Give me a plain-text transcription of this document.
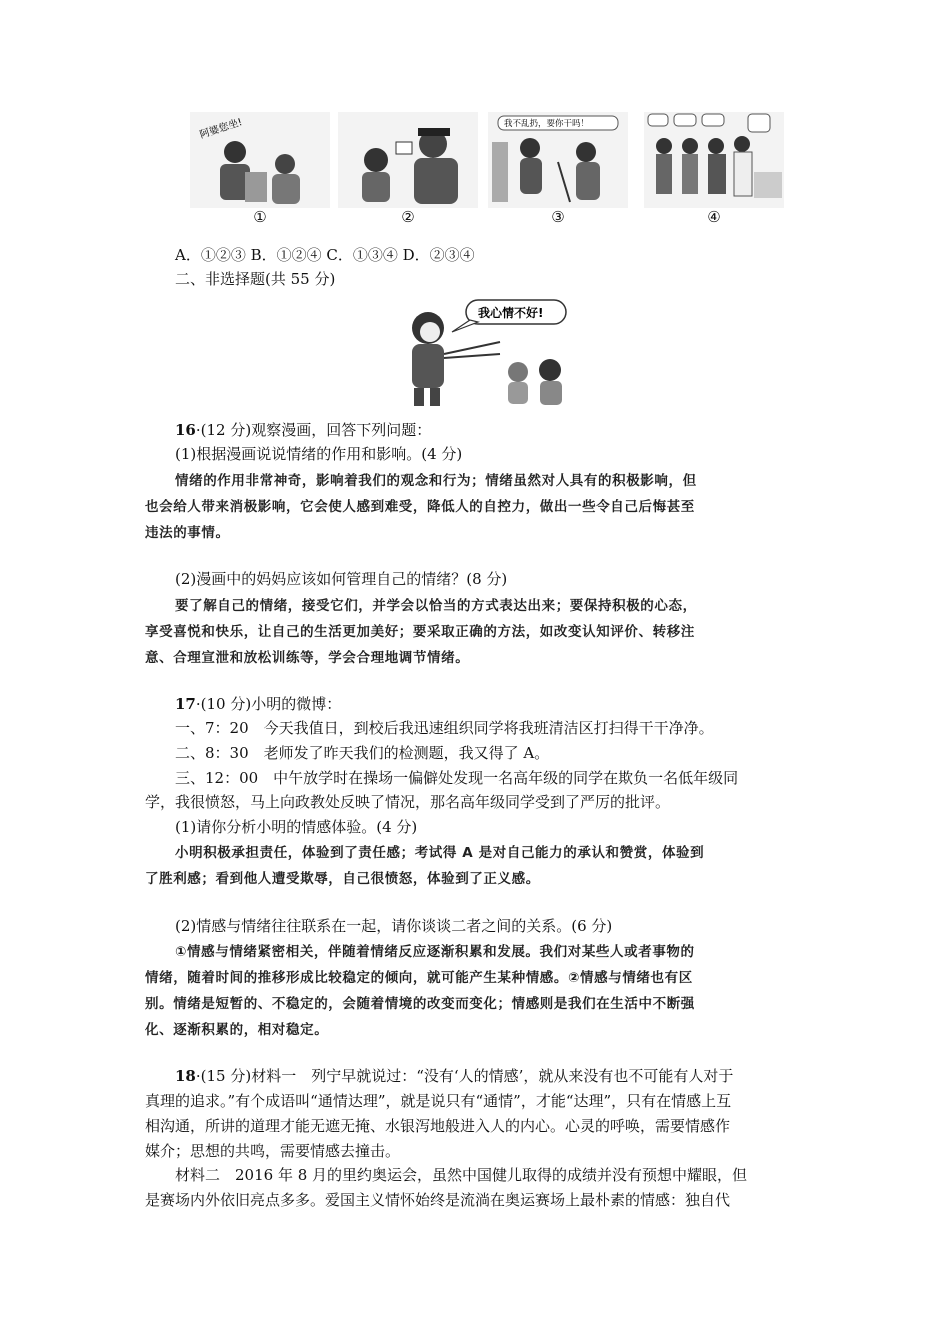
阿婆您坐!
①	②
我不乱扔，要你干吗！
③	④
A．①②③ B．①②④ C．①③④ D．②③④
二、非选择题(共 55 分)
我心情不好!
16·(12 分)观察漫画，回答下列问题：
(1)根据漫画说说情绪的作用和影响。(4 分)
情绪的作用非常神奇，影响着我们的观念和行为；情绪虽然对人具有的积极影响，但
也会给人带来消极影响，它会使人感到难受，降低人的自控力，做出一些令自己后悔甚至
违法的事情。
(2)漫画中的妈妈应该如何管理自己的情绪？(8 分)
要了解自己的情绪，接受它们，并学会以恰当的方式表达出来；要保持积极的心态，
享受喜悦和快乐，让自己的生活更加美好；要采取正确的方法，如改变认知评价、转移注
意、合理宣泄和放松训练等，学会合理地调节情绪。
17·(10 分)小明的微博：
一、7：20　今天我值日，到校后我迅速组织同学将我班清洁区打扫得干干净净。
二、8：30　老师发了昨天我们的检测题，我又得了 A。
三、12：00　中午放学时在操场一偏僻处发现一名高年级的同学在欺负一名低年级同
学，我很愤怒，马上向政教处反映了情况，那名高年级同学受到了严厉的批评。
(1)请你分析小明的情感体验。(4 分)
小明积极承担责任，体验到了责任感；考试得 A 是对自己能力的承认和赞赏，体验到
了胜利感；看到他人遭受欺辱，自己很愤怒，体验到了正义感。
(2)情感与情绪往往联系在一起，请你谈谈二者之间的关系。(6 分)
①情感与情绪紧密相关，伴随着情绪反应逐渐积累和发展。我们对某些人或者事物的
情绪，随着时间的推移形成比较稳定的倾向，就可能产生某种情感。②情感与情绪也有区
别。情绪是短暂的、不稳定的，会随着情境的改变而变化；情感则是我们在生活中不断强
化、逐渐积累的，相对稳定。
18·(15 分)材料一　列宁早就说过：“没有‘人的情感’，就从来没有也不可能有人对于
真理的追求。”有个成语叫“通情达理”，就是说只有“通情”，才能“达理”，只有在情感上互
相沟通，所讲的道理才能无遮无掩、水银泻地般进入人的内心。心灵的呼唤，需要情感作
媒介；思想的共鸣，需要情感去撞击。
材料二　2016 年 8 月的里约奥运会，虽然中国健儿取得的成绩并没有预想中耀眼，但
是赛场内外依旧亮点多多。爱国主义情怀始终是流淌在奥运赛场上最朴素的情感：独自代
